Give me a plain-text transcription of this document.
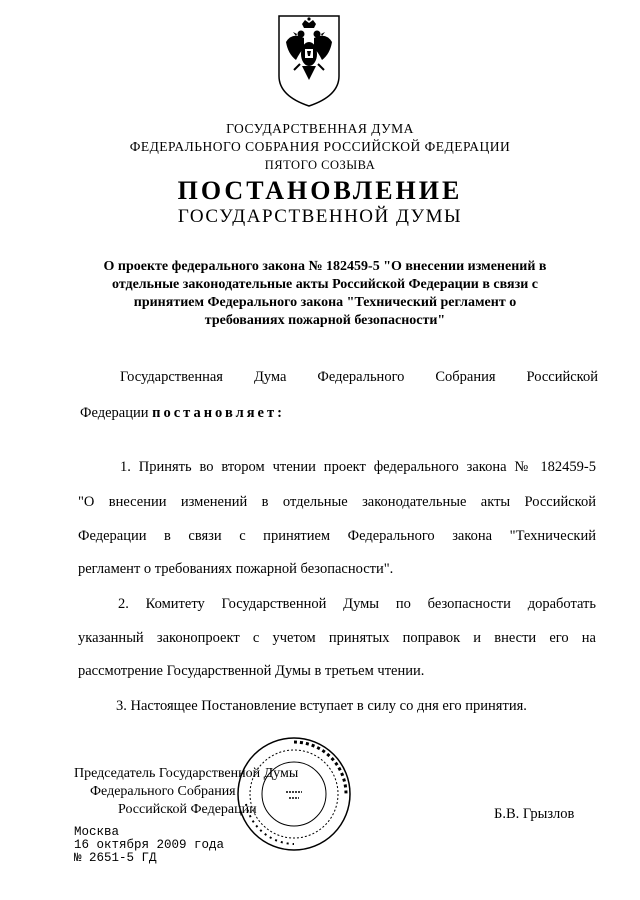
ГОСУДАРСТВЕННАЯ ДУМА
ФЕДЕРАЛЬНОГО СОБРАНИЯ РОССИЙСКОЙ ФЕДЕРАЦИИ
ПЯТОГО СОЗЫВА
ПОСТАНОВЛЕНИЕ
ГОСУДАРСТВЕННОЙ ДУМЫ
О проекте федерального закона № 182459-5 "О внесении изменений в отдельные законодательные акты Российской Федерации в связи с принятием Федерального закона "Технический регламент о требованиях пожарной безопасности"
Государственная Дума Федерального Собрания Российской
Федерации постановляет:
1. Принять во втором чтении проект федерального закона № 182459-5
"О внесении изменений в отдельные законодательные акты Российской
Федерации в связи с принятием Федерального закона "Технический
регламент о требованиях пожарной безопасности".
2. Комитету Государственной Думы по безопасности доработать
указанный законопроект с учетом принятых поправок и внести его на
рассмотрение Государственной Думы в третьем чтении.
3. Настоящее Постановление вступает в силу со дня его принятия.
Председатель Государственной Думы
Федерального Собрания
Российской Федерации	Б.В. Грызлов
Москва
16 октября 2009 года
№ 2651-5 ГД
